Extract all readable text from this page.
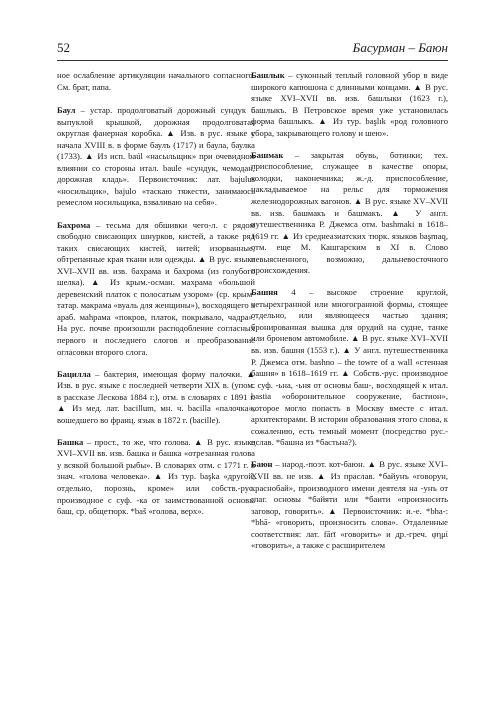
52	Басурман – Баюн

ное ослабление артикуляции начального согласного. См. брат, папа.

Баул – устар. продолговатый дорожный сундук с выпуклой крышкой, дорожная продолговатая округлая фанерная коробка. ▲ Изв. в рус. языке с начала XVIII в. в форме баулъ (1717) и баула, баулка (1733). ▲ Из исп. baúl «насыльщик» при очевидном влиянии со стороны итал. baule «сундук, чемодан, дорожная кладь». Первоисточник: лат. bajulus «носильщик», bajulo «таскаю тяжести, занимаюсь ремеслом носильщика, взваливаю на себя».

Бахрома – тесьма для обшивки чего-л. с рядом свободно свисающих шнурков, кистей, а также ряд таких свисающих кистей, нитей; изорванные, обтрепанные края ткани или одежды. ▲ В рус. языке XVI–XVII вв. изв. бахрама и бахрома (из голубого шелка). ▲ Из крым.-осман. махрама «большой деревенский платок с полосатым узором» (ср. крым-татар. макрама «вуаль для женщины»), восходящего к араб. маhрама «покров, платок, покрывало, чадра». На рус. почве произошли расподобление согласных первого и последнего слогов и преобразование огласовки второго слога.

Бацилла – бактерия, имеющая форму палочки. ▲ Изв. в рус. языке с последней четверти XIX в. (упом. в рассказе Лескова 1884 г.), отм. в словарях с 1891 г. ▲ Из мед. лат. bacillum, мн. ч. bacilla «палочка», вошедшего во франц. язык в 1872 г. (bacille).

Башка – прост., то же, что голова. ▲ В рус. языке XVI–XVII вв. изв. башка и башка «отрезанная голова у всякой большой рыбы». В словарях отм. с 1771 г. в знач. «голова человека». ▲ Из тур. başka «другой, отдельно, порознь, кроме» или собств.-рус. производное с суф. -ка от заимствованной основы баш, ср. общетюрк. *baš «голова, верх».

Башлык – суконный теплый головной убор в виде широкого капюшона с длинными концами. ▲ В рус. языке XVI–XVII вв. изв. башлыки (1623 г.), башлыкъ. В Петровское время уже установилась форма башлыкъ. ▲ Из тур. başlık «род головного убора, закрывающего голову и шею».

Башмак – закрытая обувь, ботинки; тех. приспособление, служащее в качестве опоры, колодки, наконечника; ж.-д. приспособление, накладываемое на рельс для торможения железнодорожных вагонов. ▲ В рус. языке XV–XVII вв. изв. башмакъ и башмакъ. ▲ У англ. путешественника Р. Джемса отм. bashmaki в 1618–1619 гг. ▲ Из среднеазиатских тюрк. языков başmaq, отм. еще М. Кашгарским в XI в. Слово невыясненного, возможно, дальневосточного происхождения.

Башня 4 – высокое строение круглой, четырехгранной или многогранной формы, стоящее отдельно, или являющееся частью здания; бронированная вышка для орудий на судне, танке или броневом автомобиле. ▲ В рус. языке XVI–XVII вв. изв. башня (1553 г.). ▲ У англ. путешественника Р. Джемса отм. bashno – the towre of a wall «стенная башня» в 1618–1619 гг. ▲ Собств.-рус. производное с суф. -ьна, -ьня от основы баш-, восходящей к итал. bastia «оборонительное сооружение, бастион», которое могло попасть в Москву вместе с итал. архитекторами. В истории образования этого слова, к сожалению, есть темный момент (посредство рус.-цслав. *башна из *бастьна?).

Баюн – народ.-поэт. кот-баюн. ▲ В рус. языке XVI–XVII вв. не изв. ▲ Из праслав. *байунъ «говорун, краснобай», производного имени деятеля на -унъ от глаг. основы *байяти или *баити «произносить заговор, говорить». ▲ Первоисточник: и.-е. *bha-: *bhā- «говорить, произносить слова». Отдаленные соответствия: лат. fārī «говорить» и др.-греч. φημί «говорить», а также с расширителем
